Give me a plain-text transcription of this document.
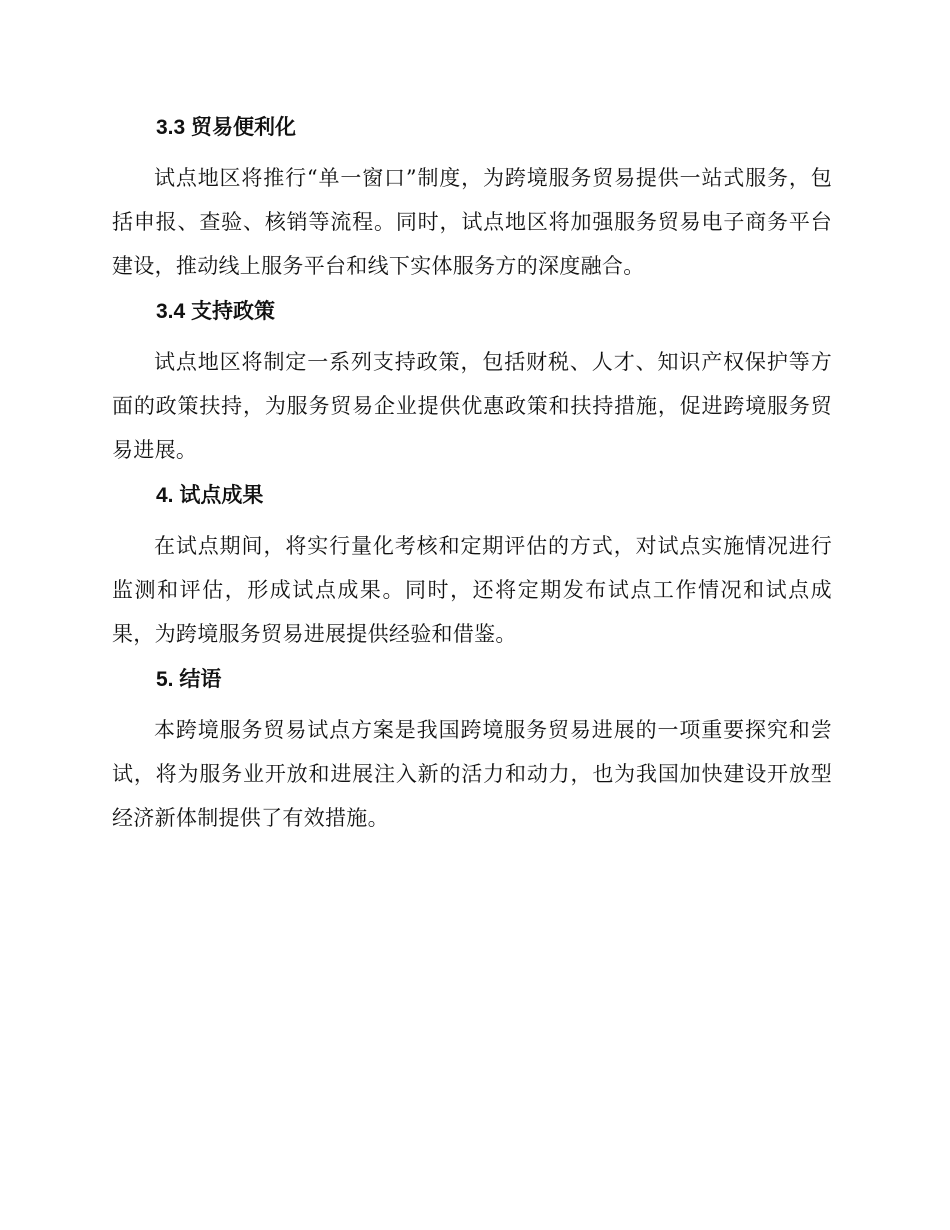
3.3 贸易便利化

试点地区将推行“单一窗口”制度，为跨境服务贸易提供一站式服务，包括申报、查验、核销等流程。同时，试点地区将加强服务贸易电子商务平台建设，推动线上服务平台和线下实体服务方的深度融合。

3.4 支持政策

试点地区将制定一系列支持政策，包括财税、人才、知识产权保护等方面的政策扶持，为服务贸易企业提供优惠政策和扶持措施，促进跨境服务贸易进展。

4. 试点成果

在试点期间，将实行量化考核和定期评估的方式，对试点实施情况进行监测和评估，形成试点成果。同时，还将定期发布试点工作情况和试点成果，为跨境服务贸易进展提供经验和借鉴。

5. 结语

本跨境服务贸易试点方案是我国跨境服务贸易进展的一项重要探究和尝试，将为服务业开放和进展注入新的活力和动力，也为我国加快建设开放型经济新体制提供了有效措施。
